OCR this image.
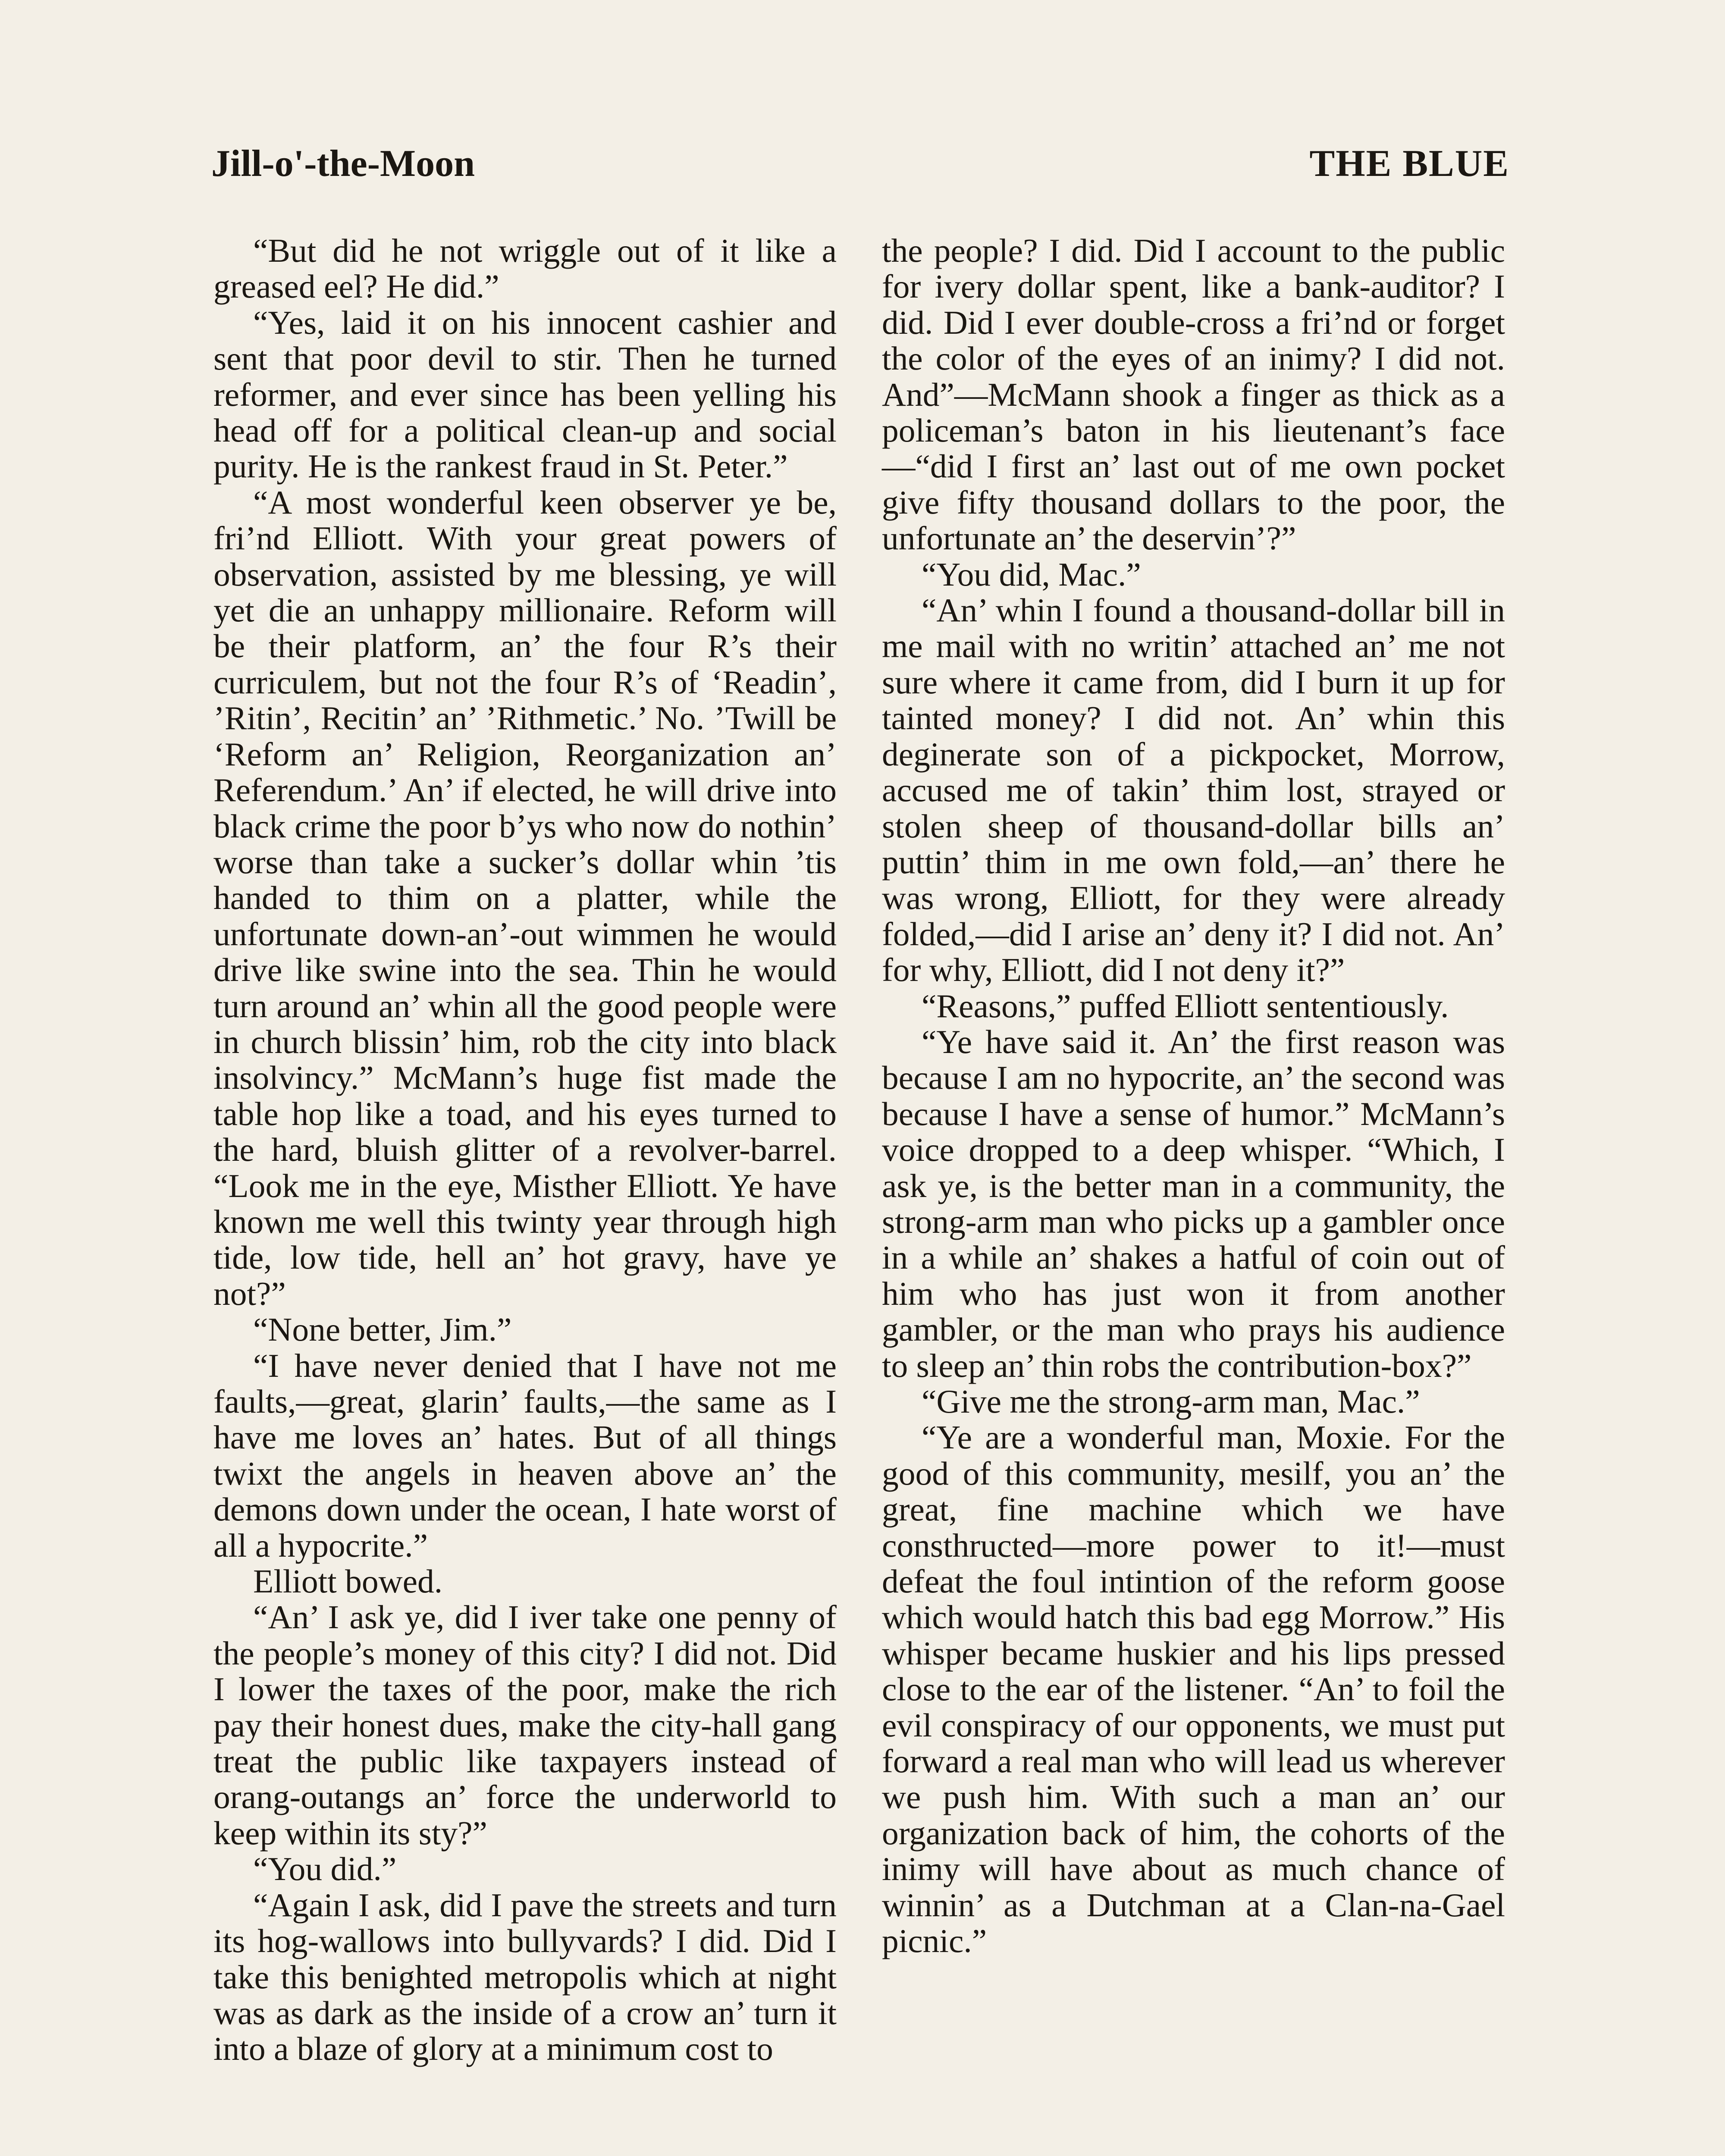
Jill-o'-the-Moon	THE BLUE

“But did he not wriggle out of it like a greased eel? He did.”

“Yes, laid it on his innocent cashier and sent that poor devil to stir. Then he turned reformer, and ever since has been yelling his head off for a political clean-up and social purity. He is the rankest fraud in St. Peter.”

“A most wonderful keen observer ye be, fri’nd Elliott. With your great powers of observation, assisted by me blessing, ye will yet die an unhappy millionaire. Reform will be their platform, an’ the four R’s their curriculem, but not the four R’s of ‘Readin’, ’Ritin’, Recitin’ an’ ’Rithmetic.’ No. ’Twill be ‘Reform an’ Religion, Reorganization an’ Referendum.’ An’ if elected, he will drive into black crime the poor b’ys who now do nothin’ worse than take a sucker’s dollar whin ’tis handed to thim on a platter, while the unfortunate down-an’-out wimmen he would drive like swine into the sea. Thin he would turn around an’ whin all the good people were in church blissin’ him, rob the city into black insolvincy.” McMann’s huge fist made the table hop like a toad, and his eyes turned to the hard, bluish glitter of a revolver-barrel. “Look me in the eye, Misther Elliott. Ye have known me well this twinty year through high tide, low tide, hell an’ hot gravy, have ye not?”

“None better, Jim.”

“I have never denied that I have not me faults,—great, glarin’ faults,—the same as I have me loves an’ hates. But of all things twixt the angels in heaven above an’ the demons down under the ocean, I hate worst of all a hypocrite.”

Elliott bowed.

“An’ I ask ye, did I iver take one penny of the people’s money of this city? I did not. Did I lower the taxes of the poor, make the rich pay their honest dues, make the city-hall gang treat the public like taxpayers instead of orang-outangs an’ force the underworld to keep within its sty?”

“You did.”

“Again I ask, did I pave the streets and turn its hog-wallows into bullyvards? I did. Did I take this benighted metropolis which at night was as dark as the inside of a crow an’ turn it into a blaze of glory at a minimum cost to

the people? I did. Did I account to the public for ivery dollar spent, like a bank-auditor? I did. Did I ever double-cross a fri’nd or forget the color of the eyes of an inimy? I did not. And”—McMann shook a finger as thick as a policeman’s baton in his lieutenant’s face—“did I first an’ last out of me own pocket give fifty thousand dollars to the poor, the unfortunate an’ the deservin’?”

“You did, Mac.”

“An’ whin I found a thousand-dollar bill in me mail with no writin’ attached an’ me not sure where it came from, did I burn it up for tainted money? I did not. An’ whin this deginerate son of a pickpocket, Morrow, accused me of takin’ thim lost, strayed or stolen sheep of thousand-dollar bills an’ puttin’ thim in me own fold,—an’ there he was wrong, Elliott, for they were already folded,—did I arise an’ deny it? I did not. An’ for why, Elliott, did I not deny it?”

“Reasons,” puffed Elliott sententiously.

“Ye have said it. An’ the first reason was because I am no hypocrite, an’ the second was because I have a sense of humor.” McMann’s voice dropped to a deep whisper. “Which, I ask ye, is the better man in a community, the strong-arm man who picks up a gambler once in a while an’ shakes a hatful of coin out of him who has just won it from another gambler, or the man who prays his audience to sleep an’ thin robs the contribution-box?”

“Give me the strong-arm man, Mac.”

“Ye are a wonderful man, Moxie. For the good of this community, mesilf, you an’ the great, fine machine which we have consthructed—more power to it!—must defeat the foul intintion of the reform goose which would hatch this bad egg Morrow.” His whisper became huskier and his lips pressed close to the ear of the listener. “An’ to foil the evil conspiracy of our opponents, we must put forward a real man who will lead us wherever we push him. With such a man an’ our organization back of him, the cohorts of the inimy will have about as much chance of winnin’ as a Dutchman at a Clan-na-Gael picnic.”
